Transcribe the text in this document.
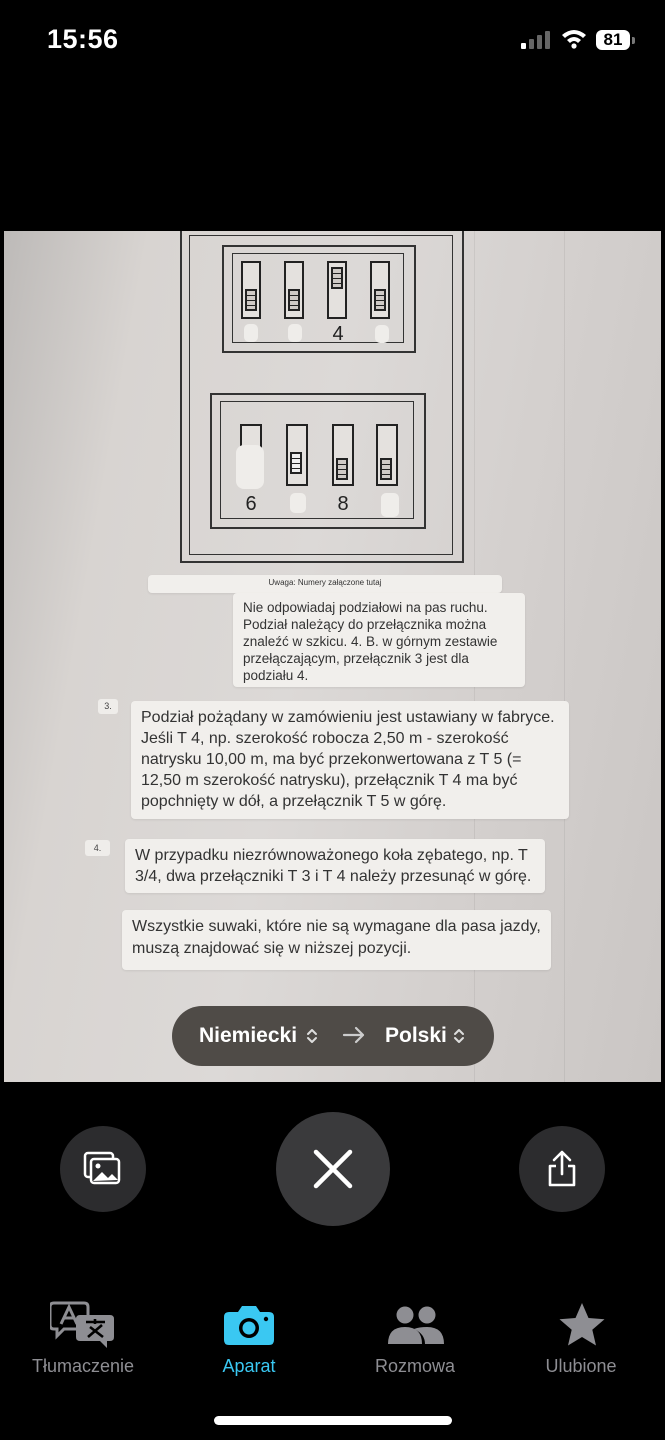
15:56	81
4
6	8
Uwaga: Numery załączone tutaj
Nie odpowiadaj podziałowi na pas ruchu. Podział należący do przełącznika można znaleźć w szkicu. 4. B. w górnym zestawie przełączającym, przełącznik 3 jest dla podziału 4.
3.
Podział pożądany w zamówieniu jest ustawiany w fabryce. Jeśli T 4, np. szerokość robocza 2,50 m - szerokość natrysku 10,00 m, ma być przekonwertowana z T 5 (= 12,50 m szerokość natrysku), przełącznik T 4 ma być popchnięty w dół, a przełącznik T 5 w górę.
4.	W przypadku niezrównoważonego koła zębatego, np. T 3/4, dwa przełączniki T 3 i T 4 należy przesunąć w górę.
Wszystkie suwaki, które nie są wymagane dla pasa jazdy, muszą znajdować się w niższej pozycji.
Niemiecki	Polski
Tłumaczenie	Aparat	Rozmowa	Ulubione
